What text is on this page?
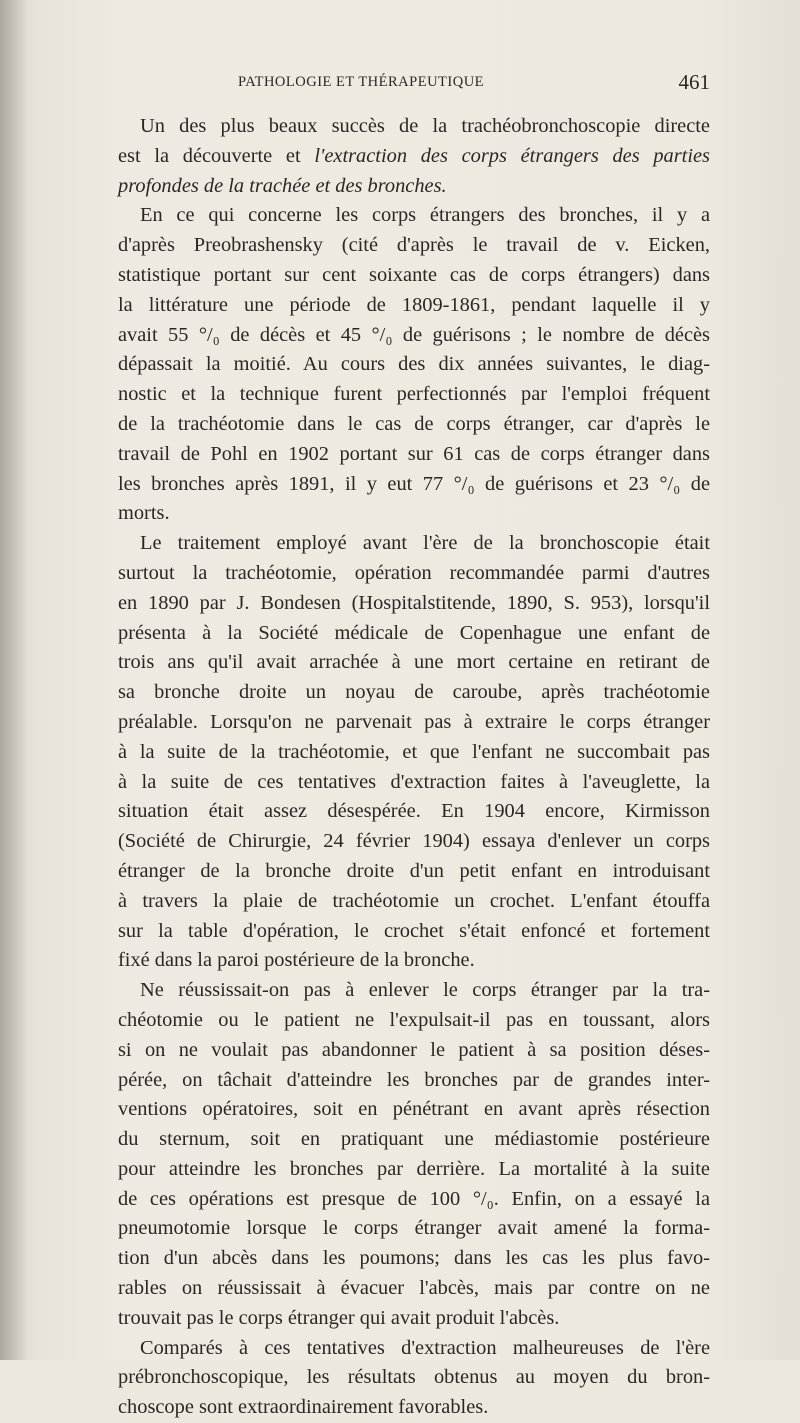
PATHOLOGIE ET THÉRAPEUTIQUE	461

Un des plus beaux succès de la trachéobronchoscopie directe
est la découverte et l'extraction des corps étrangers des parties
profondes de la trachée et des bronches.

En ce qui concerne les corps étrangers des bronches, il y a
d'après Preobrashensky (cité d'après le travail de v. Eicken,
statistique portant sur cent soixante cas de corps étrangers) dans
la littérature une période de 1809-1861, pendant laquelle il y
avait 55 °/₀ de décès et 45 °/₀ de guérisons ; le nombre de décès
dépassait la moitié. Au cours des dix années suivantes, le diag-
nostic et la technique furent perfectionnés par l'emploi fréquent
de la trachéotomie dans le cas de corps étranger, car d'après le
travail de Pohl en 1902 portant sur 61 cas de corps étranger dans
les bronches après 1891, il y eut 77 °/₀ de guérisons et 23 °/₀ de
morts.

Le traitement employé avant l'ère de la bronchoscopie était
surtout la trachéotomie, opération recommandée parmi d'autres
en 1890 par J. Bondesen (Hospitalstitende, 1890, S. 953), lorsqu'il
présenta à la Société médicale de Copenhague une enfant de
trois ans qu'il avait arrachée à une mort certaine en retirant de
sa bronche droite un noyau de caroube, après trachéotomie
préalable. Lorsqu'on ne parvenait pas à extraire le corps étranger
à la suite de la trachéotomie, et que l'enfant ne succombait pas
à la suite de ces tentatives d'extraction faites à l'aveuglette, la
situation était assez désespérée. En 1904 encore, Kirmisson
(Société de Chirurgie, 24 février 1904) essaya d'enlever un corps
étranger de la bronche droite d'un petit enfant en introduisant
à travers la plaie de trachéotomie un crochet. L'enfant étouffa
sur la table d'opération, le crochet s'était enfoncé et fortement
fixé dans la paroi postérieure de la bronche.

Ne réussissait-on pas à enlever le corps étranger par la tra-
chéotomie ou le patient ne l'expulsait-il pas en toussant, alors
si on ne voulait pas abandonner le patient à sa position déses-
pérée, on tâchait d'atteindre les bronches par de grandes inter-
ventions opératoires, soit en pénétrant en avant après résection
du sternum, soit en pratiquant une médiastomie postérieure
pour atteindre les bronches par derrière. La mortalité à la suite
de ces opérations est presque de 100 °/₀. Enfin, on a essayé la
pneumotomie lorsque le corps étranger avait amené la forma-
tion d'un abcès dans les poumons; dans les cas les plus favo-
rables on réussissait à évacuer l'abcès, mais par contre on ne
trouvait pas le corps étranger qui avait produit l'abcès.

Comparés à ces tentatives d'extraction malheureuses de l'ère
prébronchoscopique, les résultats obtenus au moyen du bron-
choscope sont extraordinairement favorables.
